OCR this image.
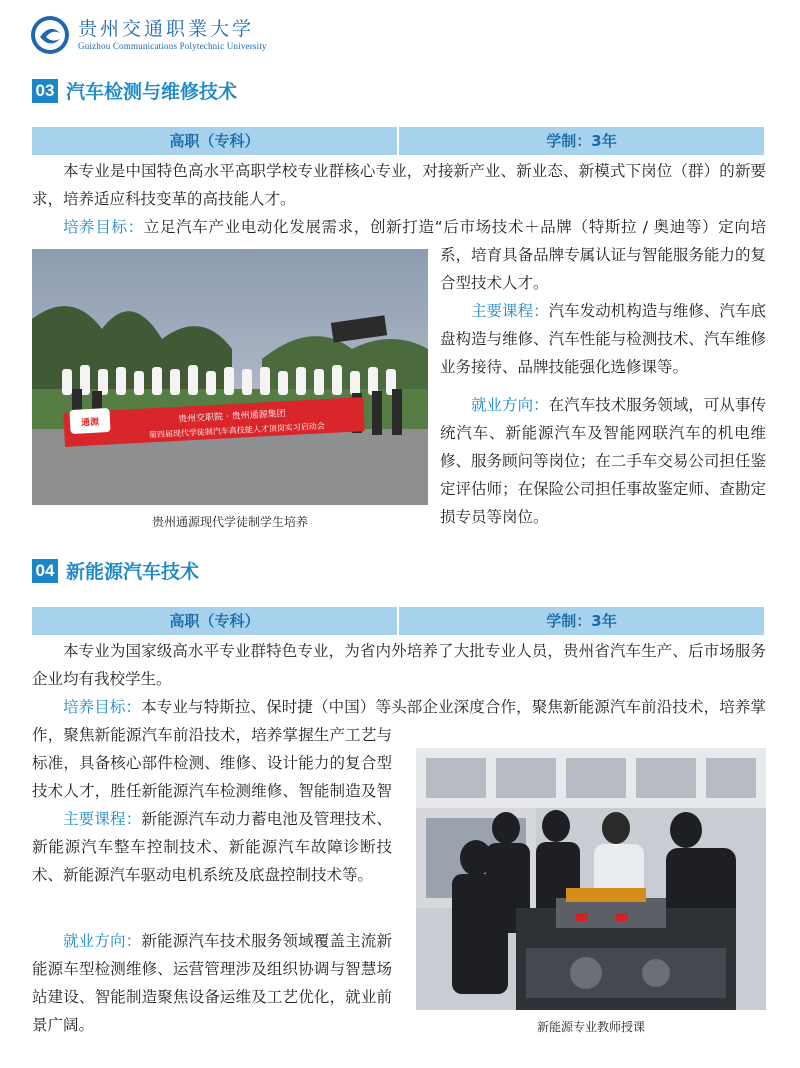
贵州交通职業大学
Guizhou Communications Polytechnic University
03 汽车检测与维修技术
高职（专科）	学制：3年
本专业是中国特色高水平高职学校专业群核心专业，对接新产业、新业态、新模式下岗位（群）的新要求，培养适应科技变革的高技能人才。
培养目标：立足汽车产业电动化发展需求，创新打造“后市场技术＋品牌（特斯拉 / 奥迪等）定向培
系，培育具备品牌专属认证与智能服务能力的复合型技术人才。
主要课程：汽车发动机构造与维修、汽车底盘构造与维修、汽车性能与检测技术、汽车维修业务接待、品牌技能强化选修课等。
就业方向：在汽车技术服务领域，可从事传统汽车、新能源汽车及智能网联汽车的机电维修、服务顾问等岗位；在二手车交易公司担任鉴定评估师；在保险公司担任事故鉴定师、查勘定损专员等岗位。
通源	贵州交职院 · 贵州通源集团
第四届现代学徒制汽车高技能人才顶岗实习启动会
贵州通源现代学徒制学生培养
04 新能源汽车技术
高职（专科）	学制：3年
本专业为国家级高水平专业群特色专业，为省内外培养了大批专业人员，贵州省汽车生产、后市场服务企业均有我校学生。
培养目标：本专业与特斯拉、保时捷（中国）等头部企业深度合作，聚焦新能源汽车前沿技术，培养掌
作，聚焦新能源汽车前沿技术，培养掌握生产工艺与标准，具备核心部件检测、维修、设计能力的复合型技术人才，胜任新能源汽车检测维修、智能制造及智
主要课程：新能源汽车动力蓄电池及管理技术、新能源汽车整车控制技术、新能源汽车故障诊断技术、新能源汽车驱动电机系统及底盘控制技术等。
就业方向：新能源汽车技术服务领域覆盖主流新能源车型检测维修、运营管理涉及组织协调与智慧场站建设、智能制造聚焦设备运维及工艺优化，就业前景广阔。	新能源专业教师授课
